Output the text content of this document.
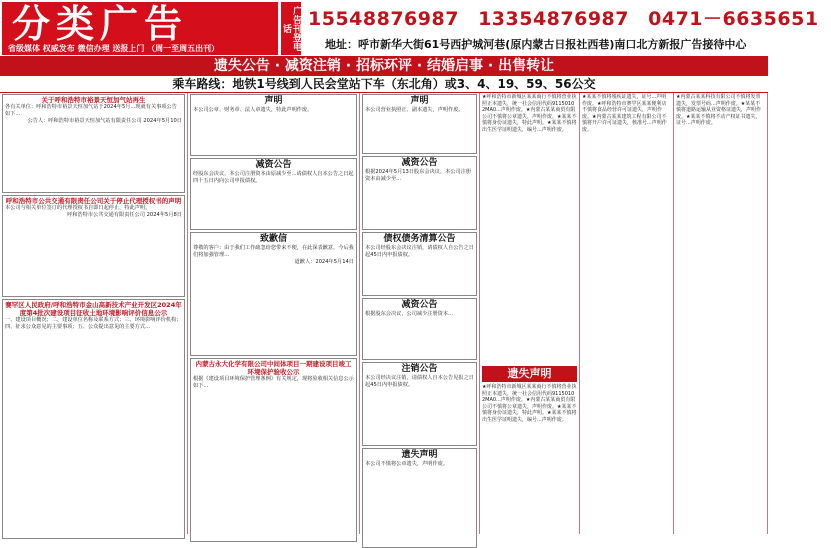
分类广告
省级媒体 权威发布 微信办理 送报上门 （周一至周五出刊）	广告刊登电话 15548876987 13354876987 0471－6635651
地址：呼市新华大街61号西护城河巷(原内蒙古日报社西巷)南口北方新报广告接待中心
遗失公告 · 减资注销 · 招标环评 · 结婚启事 · 出售转让
乘车路线：地铁1号线到人民会堂站下车（东北角）或3、4、19、59、56公交
关于呼和浩特市裕景天恒加气站再生

各有关单位：呼和浩特市裕景天恒加气站于2024年5月...现就有关事项公告如下...

公告人：呼和浩特市裕景天恒加气站有限责任公司 2024年5月10日

呼和浩特市公共交通有限责任公司关于停止代理授权书的声明

本公司与相关单位签订的代理授权书自即日起停止，特此声明。

呼和浩特市公共交通有限责任公司 2024年5月8日

赛罕区人民政府/呼和浩特市金山高新技术产业开发区2024年度第4批次建设项目征收土地环境影响评价信息公示

一、建设项目概况；二、建设单位名称及联系方式；三、环境影响评价机构；四、征求公众意见的主要事项；五、公众提出意见的主要方式...

声明

本公司公章、财务章、法人章遗失，特此声明作废。

减资公告

经股东会决议，本公司注册资本由原减少至...请债权人自本公告之日起四十五日内向公司申报债权。

致歉信

尊敬的客户：由于我们工作疏忽给您带来不便，在此深表歉意，今后我们将加强管理...

道歉人：2024年5月14日

内蒙古永大化学有限公司中间体项目一期建设项目竣工环境保护验收公示

根据《建设项目环境保护管理条例》有关规定，现将验收相关信息公示如下...

声明

本公司营业执照正、副本遗失，声明作废。

减资公告

根据2024年5月13日股东会决议，本公司注册资本由减少至...

债权债务清算公告

本公司经股东会决议注销，请债权人自公告之日起45日内申报债权。

减资公告

根据股东会决议，公司减少注册资本...

注销公告

本公司经决议注销，请债权人自本公告见报之日起45日内申报债权。

遗失声明

本公司不慎将公章遗失，声明作废。

★呼和浩特市新城区某某商行不慎将营业执照正本遗失，统一社会信用代码91150102MA0...声明作废。★内蒙古某某商贸有限公司不慎将公章遗失，声明作废。★某某不慎将身份证遗失，特此声明。★某某不慎将出生医学证明遗失，编号...声明作废。
遗失声明
★呼和浩特市新城区某某商行不慎将营业执照正本遗失，统一社会信用代码91150102MA0...声明作废。★内蒙古某某商贸有限公司不慎将公章遗失，声明作废。★某某不慎将身份证遗失，特此声明。★某某不慎将出生医学证明遗失，编号...声明作废。
★某某不慎将残疾证遗失，证号...声明作废。★呼和浩特市赛罕区某某便利店不慎将食品经营许可证遗失，声明作废。★内蒙古某某建筑工程有限公司不慎将开户许可证遗失，核准号...声明作废。
★内蒙古某某科技有限公司不慎将发票遗失，发票号码...声明作废。★某某不慎将道路运输从业资格证遗失，声明作废。★某某不慎将不动产权证书遗失，证号...声明作废。
